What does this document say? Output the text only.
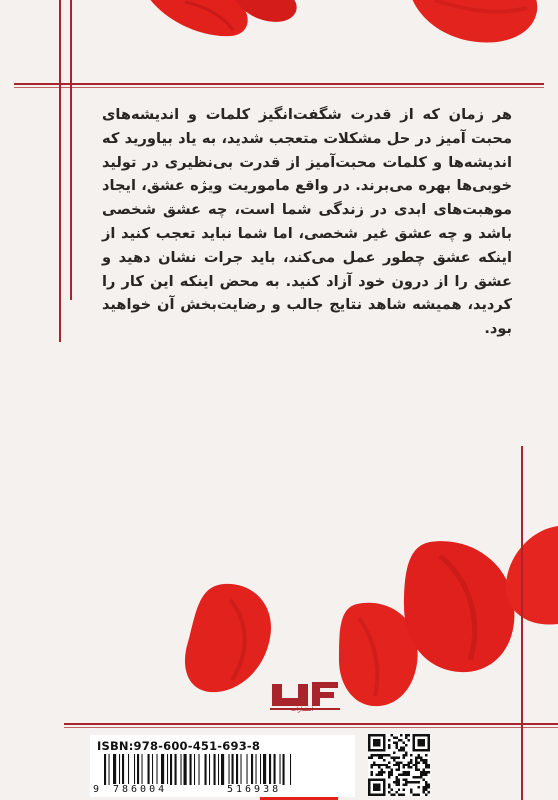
هر زمان که از قدرت شگفت‌انگیز کلمات و اندیشه‌های محبت آمیز در حل مشکلات متعجب شدید، به یاد بیاورید که اندیشه‌ها و کلمات محبت‌آمیز از قدرت بی‌نظیری در تولید خوبی‌ها بهره می‌برند. در واقع ماموریت ویژه عشق، ایجاد موهبت‌های ابدی در زندگی شما است، چه عشق شخصی باشد و چه عشق غیر شخصی، اما شما نباید تعجب کنید از اینکه عشق چطور عمل می‌کند، باید جرات نشان دهید و عشق را از درون خود آزاد کنید. به محض اینکه این کار را کردید، همیشه شاهد نتایج جالب و رضایت‌بخش آن خواهید بود.

انتشارات
ISBN:978-600-451-693-8
9 786004	516938
